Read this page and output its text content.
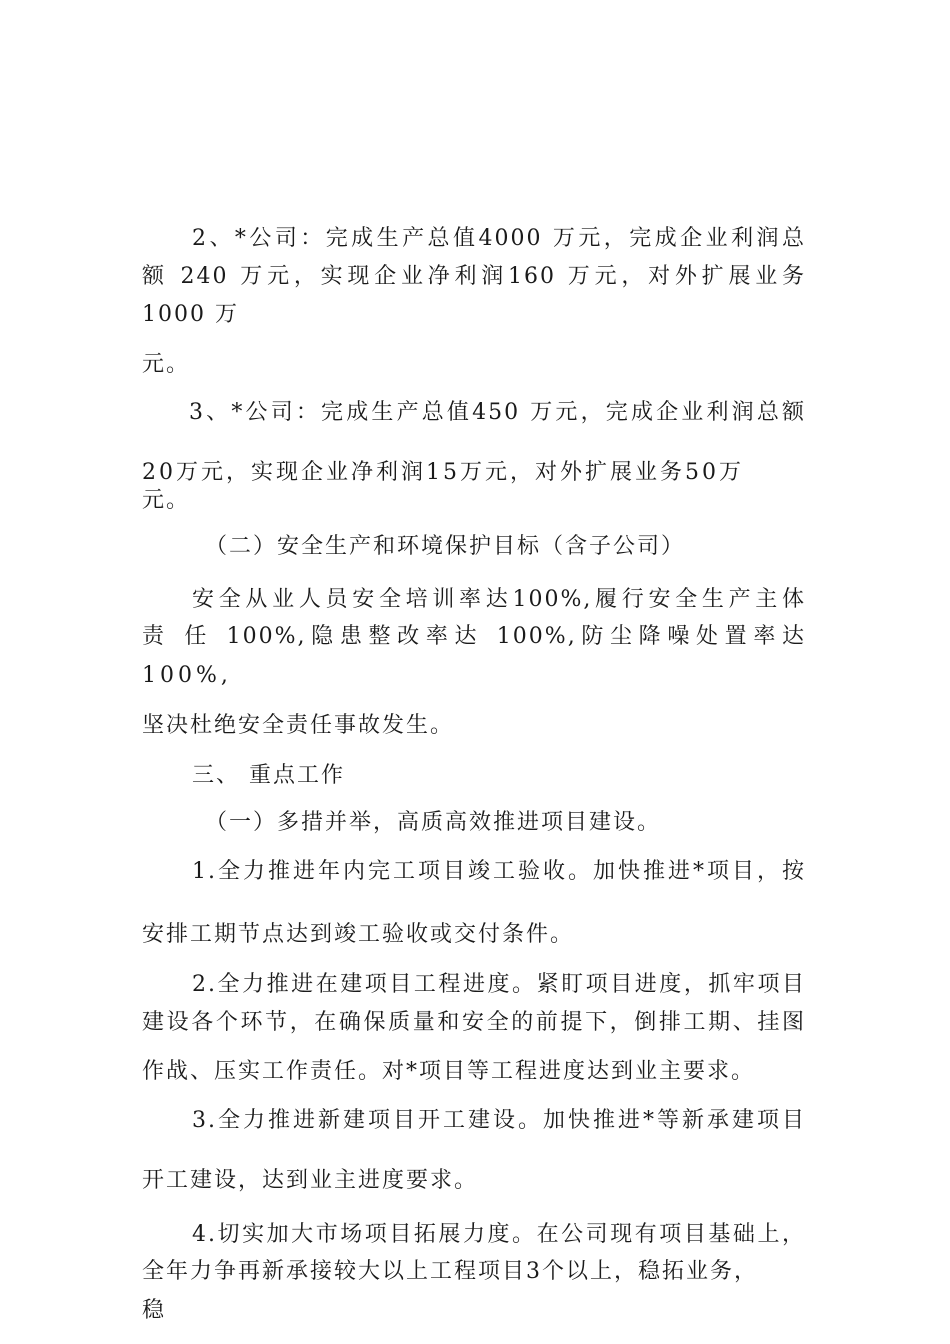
2、*公司：完成生产总值4000 万元，完成企业利润总

额 240 万元，实现企业净利润160 万元，对外扩展业务

1000 万

元。

3、*公司：完成生产总值450 万元，完成企业利润总额

20万元，实现企业净利润15万元，对外扩展业务50万

元。

（二）安全生产和环境保护目标（含子公司）

安全从业人员安全培训率达100%,履行安全生产主体

责 任 100%,隐患整改率达 100%,防尘降噪处置率达

100%,

坚决杜绝安全责任事故发生。

三、 重点工作

（一）多措并举，高质高效推进项目建设。

1.全力推进年内完工项目竣工验收。加快推进*项目，按

安排工期节点达到竣工验收或交付条件。

2.全力推进在建项目工程进度。紧盯项目进度，抓牢项目

建设各个环节，在确保质量和安全的前提下，倒排工期、挂图

作战、压实工作责任。对*项目等工程进度达到业主要求。

3.全力推进新建项目开工建设。加快推进*等新承建项目

开工建设，达到业主进度要求。

4.切实加大市场项目拓展力度。在公司现有项目基础上，

全年力争再新承接较大以上工程项目3个以上，稳拓业务，

稳
